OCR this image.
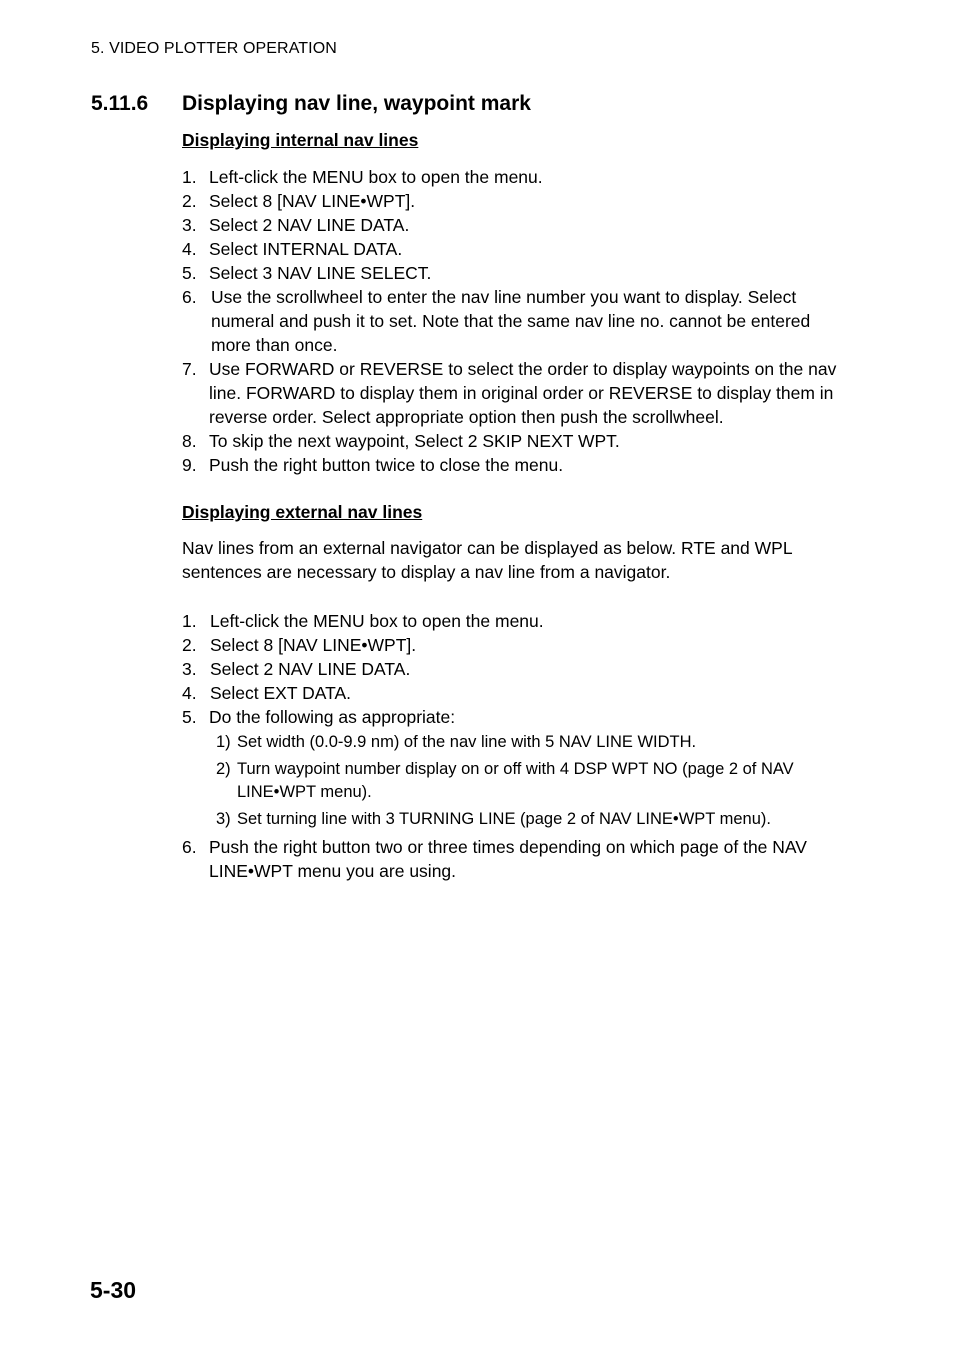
5. VIDEO PLOTTER OPERATION
5.11.6 Displaying nav line, waypoint mark
Displaying internal nav lines
1. Left-click the MENU box to open the menu.
2. Select 8 [NAV LINE•WPT].
3. Select 2 NAV LINE DATA.
4. Select INTERNAL DATA.
5. Select 3 NAV LINE SELECT.
6. Use the scrollwheel to enter the nav line number you want to display. Select numeral and push it to set. Note that the same nav line no. cannot be entered more than once.
7. Use FORWARD or REVERSE to select the order to display waypoints on the nav line. FORWARD to display them in original order or REVERSE to display them in reverse order. Select appropriate option then push the scrollwheel.
8. To skip the next waypoint, Select 2 SKIP NEXT WPT.
9. Push the right button twice to close the menu.
Displaying external nav lines

Nav lines from an external navigator can be displayed as below. RTE and WPL sentences are necessary to display a nav line from a navigator.

1. Left-click the MENU box to open the menu.
2. Select 8 [NAV LINE•WPT].
3. Select 2 NAV LINE DATA.
4. Select EXT DATA.
5. Do the following as appropriate:
1) Set width (0.0-9.9 nm) of the nav line with 5 NAV LINE WIDTH.
2) Turn waypoint number display on or off with 4 DSP WPT NO (page 2 of NAV LINE•WPT menu).
3) Set turning line with 3 TURNING LINE (page 2 of NAV LINE•WPT menu).
6. Push the right button two or three times depending on which page of the NAV LINE•WPT menu you are using.
5-30
